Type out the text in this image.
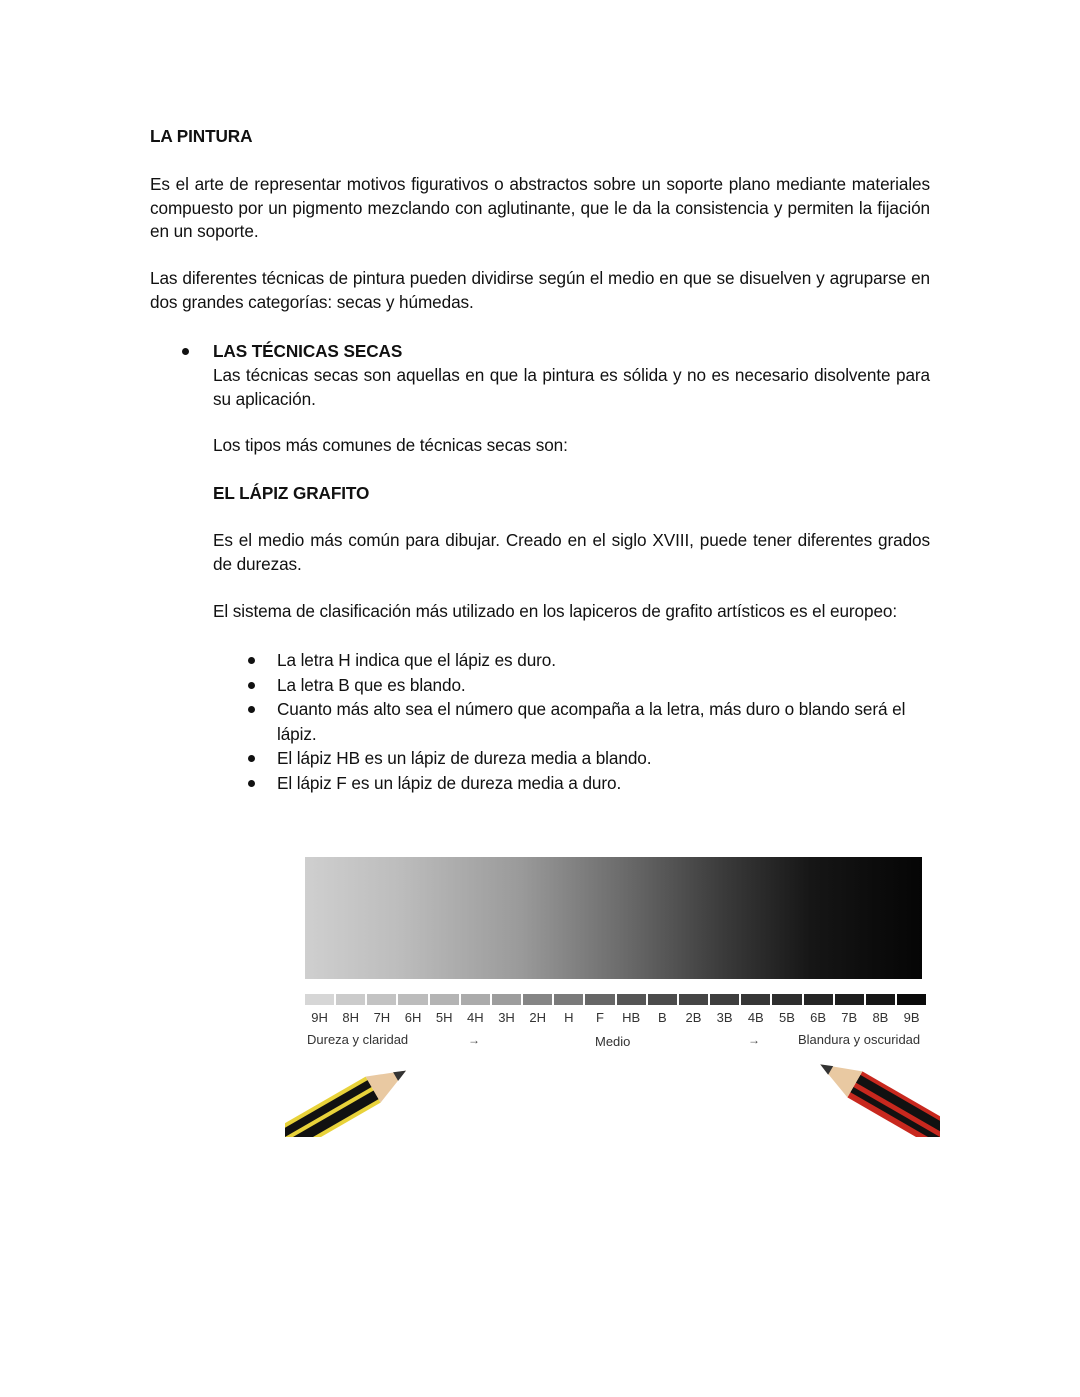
LA PINTURA
Es el arte de representar motivos figurativos o abstractos sobre un soporte plano mediante materiales compuesto por un pigmento mezclando con aglutinante, que le da la consistencia y permiten la fijación en un soporte.
Las diferentes técnicas de pintura pueden dividirse según el medio en que se disuelven y agruparse en dos grandes categorías: secas y húmedas.
LAS TÉCNICAS SECAS
Las técnicas secas son aquellas en que la pintura es sólida y no es necesario disolvente para su aplicación.
Los tipos más comunes de técnicas secas son:
EL LÁPIZ GRAFITO
Es el medio más común para dibujar. Creado en el siglo XVIII, puede tener diferentes grados de durezas.
El sistema de clasificación más utilizado en los lapiceros de grafito artísticos es el europeo:
La letra H indica que el lápiz es duro.
La letra B que es blando.
Cuanto más alto sea el número que acompaña a la letra, más duro o blando será el lápiz.
El lápiz HB es un lápiz de dureza media a blando.
El lápiz F es un lápiz de dureza media a duro.
9H	8H	7H	6H	5H	4H	3H	2H	H	F	HB	B	2B	3B	4B	5B	6B	7B	8B	9B
Dureza y claridad	→	Medio	→	Blandura y oscuridad
